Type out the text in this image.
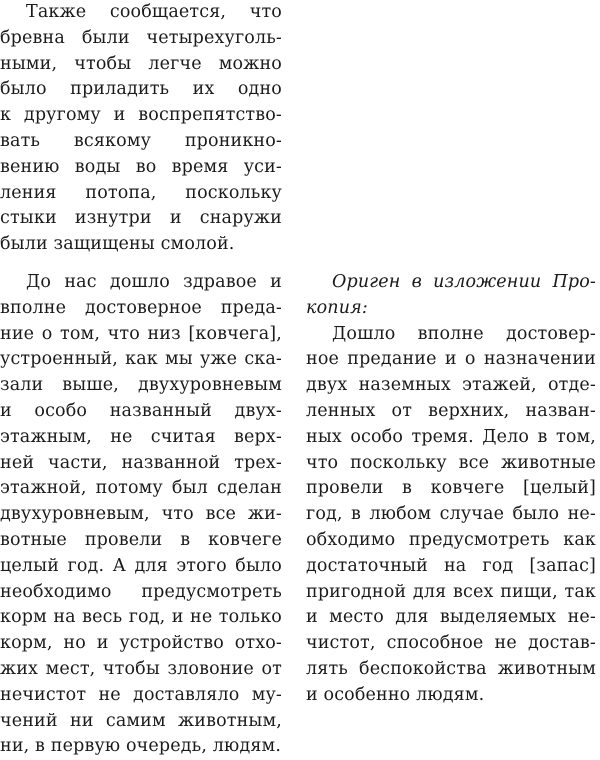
Также сообщается, что
бревна были четырехуголь-
ными, чтобы легче можно
было приладить их одно
к другому и воспрепятство-
вать всякому проникно-
вению воды во время уси-
ления потопа, поскольку
стыки изнутри и снаружи
были защищены смолой.
До нас дошло здравое и
вполне достоверное преда-
ние о том, что низ [ковчега],
устроенный, как мы уже ска-
зали выше, двухуровневым
и особо названный двух-
этажным, не считая верх-
ней части, названной трех-
этажной, потому был сделан
двухуровневым, что все жи-
вотные провели в ковчеге
целый год. А для этого было
необходимо предусмотреть
корм на весь год, и не только
корм, но и устройство отхо-
жих мест, чтобы зловоние от
нечистот не доставляло му-
чений ни самим животным,
ни, в первую очередь, людям.
Ориген в изложении Про-
копия:
Дошло вполне достовер-
ное предание и о назначении
двух наземных этажей, отде-
ленных от верхних, назван-
ных особо тремя. Дело в том,
что поскольку все животные
провели в ковчеге [целый]
год, в любом случае было не-
обходимо предусмотреть как
достаточный на год [запас]
пригодной для всех пищи, так
и место для выделяемых не-
чистот, способное не достав-
лять беспокойства животным
и особенно людям.
